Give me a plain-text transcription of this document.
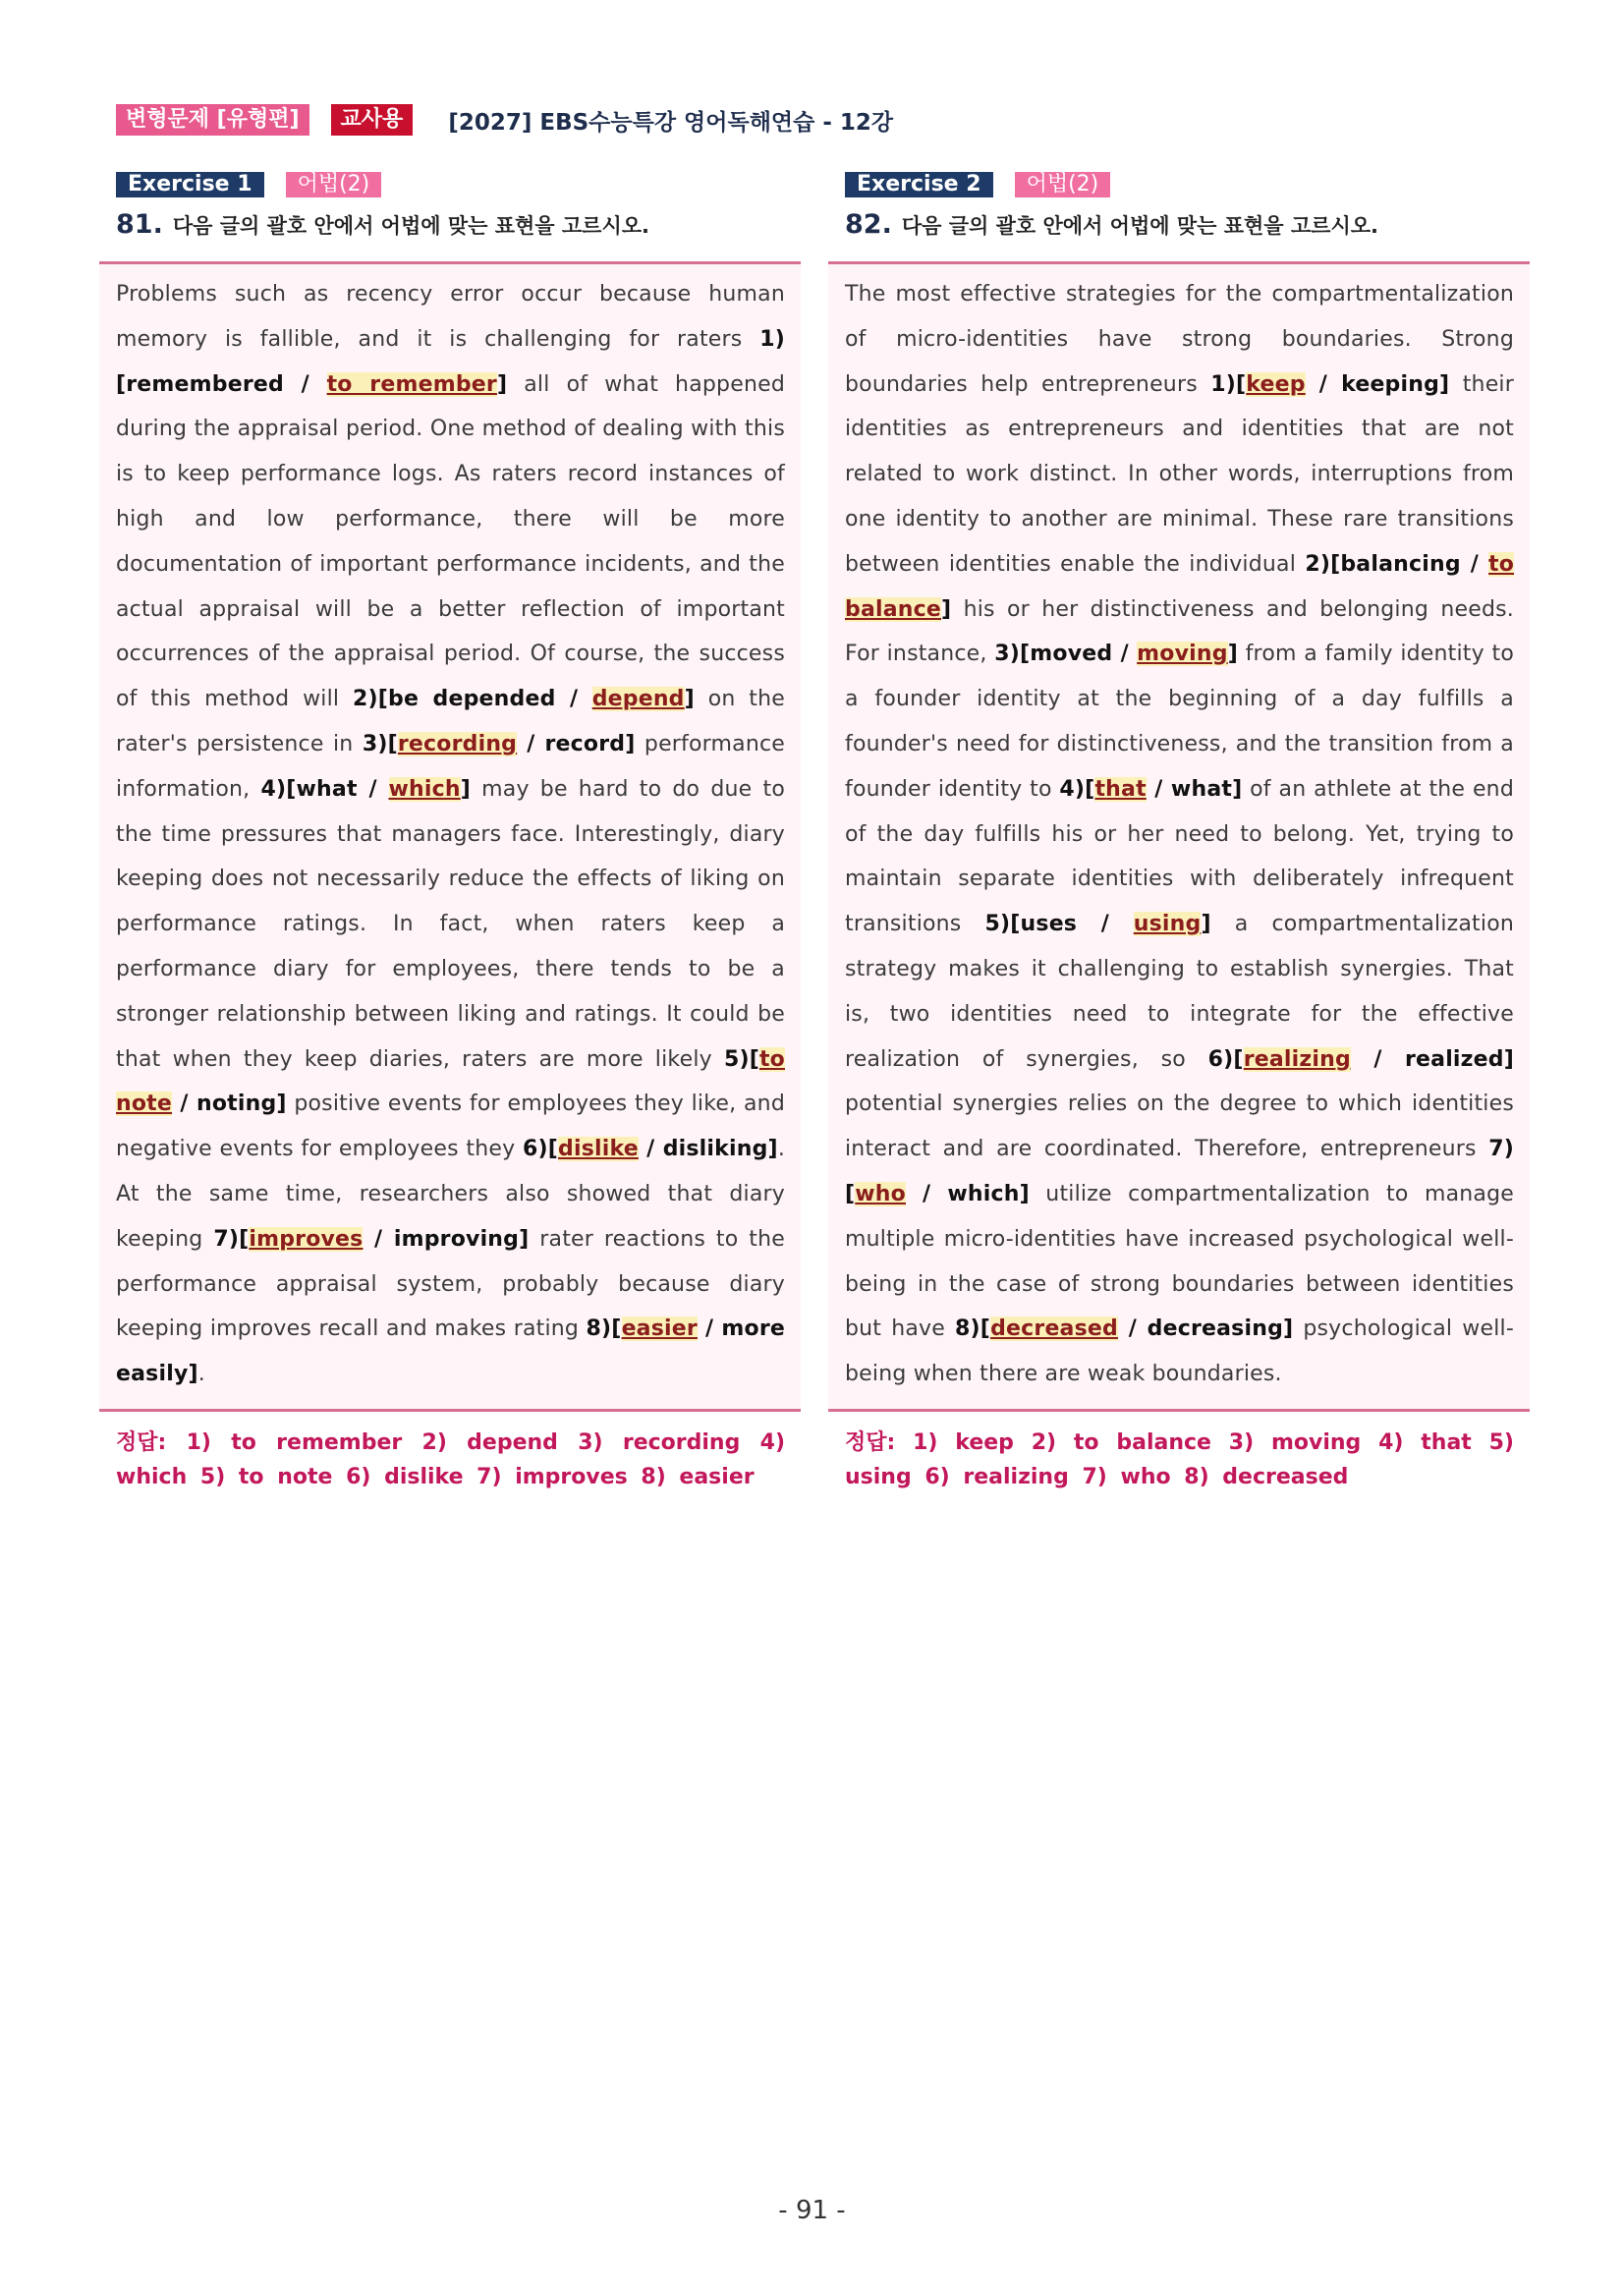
변형문제 [유형편]	교사용	[2027] EBS수능특강 영어독해연습 - 12강
Exercise 1	어법(2)
81. 다음 글의 괄호 안에서 어법에 맞는 표현을 고르시오.
Problems such as recency error occur because human memory is fallible, and it is challenging for raters 1)[remembered / to remember] all of what happened during the appraisal period. One method of dealing with this is to keep performance logs. As raters record instances of high and low performance, there will be more documentation of important performance incidents, and the actual appraisal will be a better reflection of important occurrences of the appraisal period. Of course, the success of this method will 2)[be depended / depend] on the rater's persistence in 3)[recording / record] performance information, 4)[what / which] may be hard to do due to the time pressures that managers face. Interestingly, diary keeping does not necessarily reduce the effects of liking on performance ratings. In fact, when raters keep a performance diary for employees, there tends to be a stronger relationship between liking and ratings. It could be that when they keep diaries, raters are more likely 5)[to note / noting] positive events for employees they like, and negative events for employees they 6)[dislike / disliking]. At the same time, researchers also showed that diary keeping 7)[improves / improving] rater reactions to the performance appraisal system, probably because diary keeping improves recall and makes rating 8)[easier / more easily].
정답: 1) to remember 2) depend 3) recording 4) which 5) to note 6) dislike 7) improves 8) easier
Exercise 2	어법(2)
82. 다음 글의 괄호 안에서 어법에 맞는 표현을 고르시오.
The most effective strategies for the compartmentalization of micro-identities have strong boundaries. Strong boundaries help entrepreneurs 1)[keep / keeping] their identities as entrepreneurs and identities that are not related to work distinct. In other words, interruptions from one identity to another are minimal. These rare transitions between identities enable the individual 2)[balancing / to balance] his or her distinctiveness and belonging needs. For instance, 3)[moved / moving] from a family identity to a founder identity at the beginning of a day fulfills a founder's need for distinctiveness, and the transition from a founder identity to 4)[that / what] of an athlete at the end of the day fulfills his or her need to belong. Yet, trying to maintain separate identities with deliberately infrequent transitions 5)[uses / using] a compartmentalization strategy makes it challenging to establish synergies. That is, two identities need to integrate for the effective realization of synergies, so 6)[realizing / realized] potential synergies relies on the degree to which identities interact and are coordinated. Therefore, entrepreneurs 7)[who / which] utilize compartmentalization to manage multiple micro-identities have increased psychological well-being in the case of strong boundaries between identities but have 8)[decreased / decreasing] psychological well-being when there are weak boundaries.
정답: 1) keep 2) to balance 3) moving 4) that 5) using 6) realizing 7) who 8) decreased
- 91 -
